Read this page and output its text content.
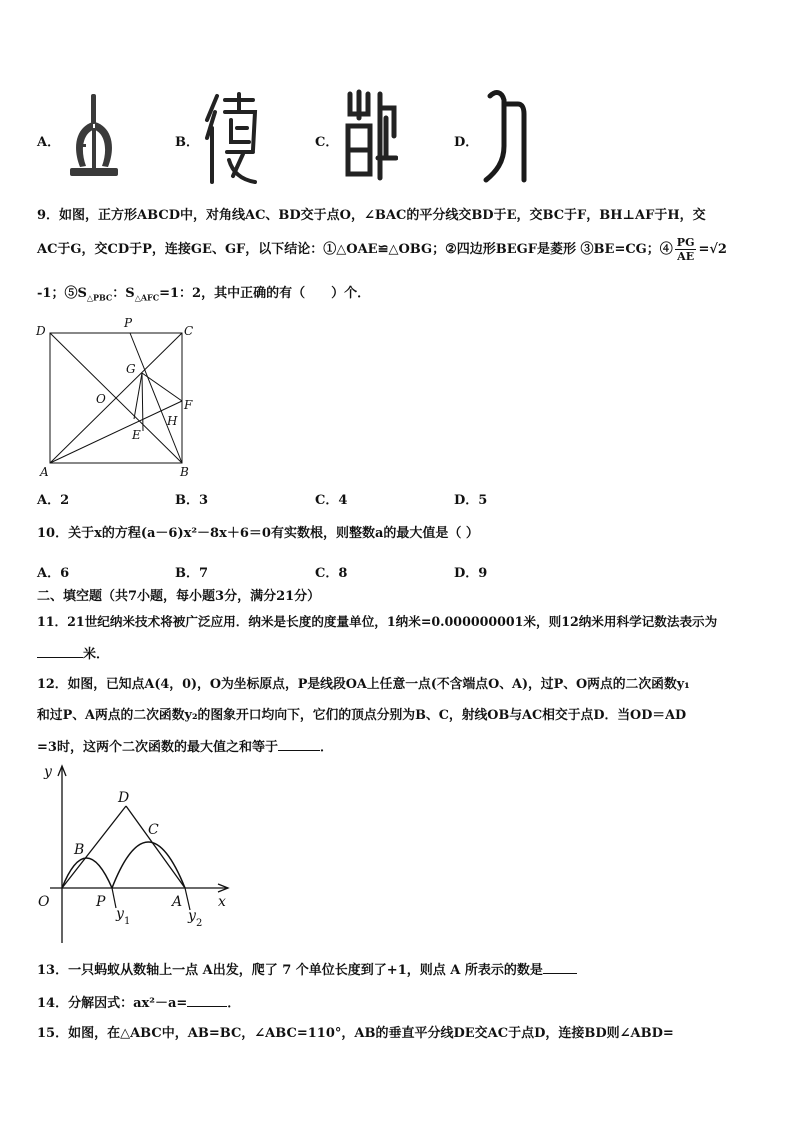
A．	B．	C．	D．
9．如图，正方形ABCD中，对角线AC、BD交于点O，∠BAC的平分线交BD于E，交BC于F，BH⊥AF于H，交
AC于G，交CD于P，连接GE、GF，以下结论：①△OAE≌△OBG；②四边形BEGF是菱形 ③BE=CG；④ $\frac{PG}{AE} =√2$
-1；$⑤S_{\triangle PBC}$：$S_{\triangle AFC}=1$：2，其中正确的有（　　）个．
D
P
C
G
O	F
H
E
A	B
A．2	B．3	C．4	D．5
10．关于x的方程(a－6)x²－8x＋6＝0有实数根，则整数a的最大值是（ ）
A．6	B．7	C．8	D．9
二、填空题（共7小题，每小题3分，满分21分）
11．21世纪纳米技术将被广泛应用．纳米是长度的度量单位，1纳米=0.000000001米，则12纳米用科学记数法表示为
米．
12．如图，已知点A(4，0)，O为坐标原点，P是线段OA上任意一点(不含端点O、A)，过P、O两点的二次函数y₁
和过P、A两点的二次函数y₂的图象开口均向下，它们的顶点分别为B、C，射线OB与AC相交于点D．当OD＝AD
=3时，这两个二次函数的最大值之和等于	．
y
D
C
B
O	P	A	x
y 1	y 2
13．一只蚂蚁从数轴上一点 A出发，爬了 7 个单位长度到了+1，则点 A 所表示的数是
14．分解因式：ax²－a=	．
15．如图，在△ABC中，AB=BC，∠ABC=110°，AB的垂直平分线DE交AC于点D，连接BD则∠ABD=
